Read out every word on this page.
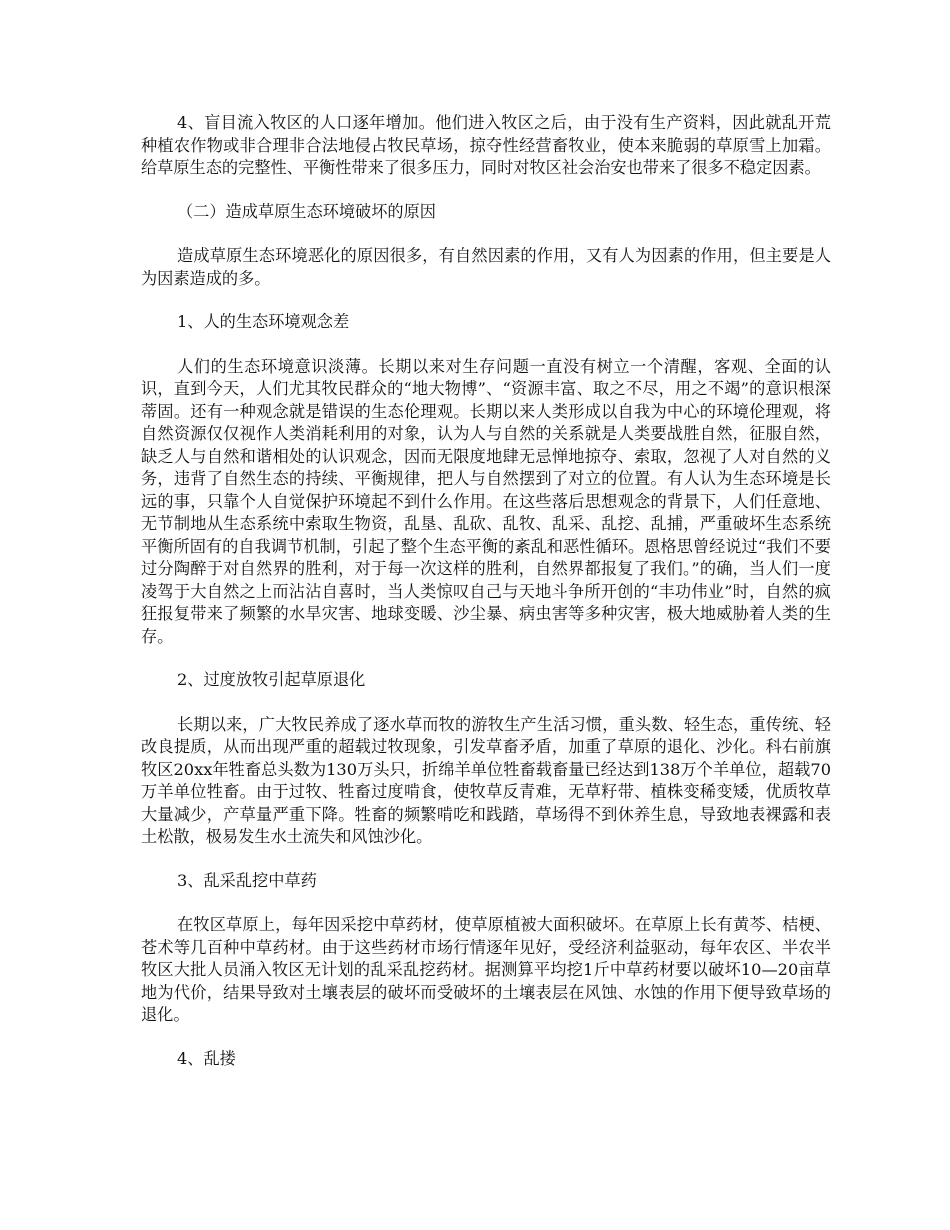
4、盲目流入牧区的人口逐年增加。他们进入牧区之后，由于没有生产资料，因此就乱开荒种植农作物或非合理非合法地侵占牧民草场，掠夺性经营畜牧业，使本来脆弱的草原雪上加霜。给草原生态的完整性、平衡性带来了很多压力，同时对牧区社会治安也带来了很多不稳定因素。

（二）造成草原生态环境破坏的原因

造成草原生态环境恶化的原因很多，有自然因素的作用，又有人为因素的作用，但主要是人为因素造成的多。

1、人的生态环境观念差

人们的生态环境意识淡薄。长期以来对生存问题一直没有树立一个清醒，客观、全面的认识，直到今天，人们尤其牧民群众的“地大物博”、“资源丰富、取之不尽，用之不竭”的意识根深蒂固。还有一种观念就是错误的生态伦理观。长期以来人类形成以自我为中心的环境伦理观，将自然资源仅仅视作人类消耗利用的对象，认为人与自然的关系就是人类要战胜自然，征服自然，缺乏人与自然和谐相处的认识观念，因而无限度地肆无忌惮地掠夺、索取，忽视了人对自然的义务，违背了自然生态的持续、平衡规律，把人与自然摆到了对立的位置。有人认为生态环境是长远的事，只靠个人自觉保护环境起不到什么作用。在这些落后思想观念的背景下，人们任意地、无节制地从生态系统中索取生物资，乱垦、乱砍、乱牧、乱采、乱挖、乱捕，严重破坏生态系统平衡所固有的自我调节机制，引起了整个生态平衡的紊乱和恶性循环。恩格思曾经说过“我们不要过分陶醉于对自然界的胜利，对于每一次这样的胜利，自然界都报复了我们。”的确，当人们一度凌驾于大自然之上而沾沾自喜时，当人类惊叹自己与天地斗争所开创的“丰功伟业”时，自然的疯狂报复带来了频繁的水旱灾害、地球变暖、沙尘暴、病虫害等多种灾害，极大地威胁着人类的生存。

2、过度放牧引起草原退化

长期以来，广大牧民养成了逐水草而牧的游牧生产生活习惯，重头数、轻生态，重传统、轻改良提质，从而出现严重的超载过牧现象，引发草畜矛盾，加重了草原的退化、沙化。科右前旗牧区20xx年牲畜总头数为130万头只，折绵羊单位牲畜载畜量已经达到138万个羊单位，超载70万羊单位牲畜。由于过牧、牲畜过度啃食，使牧草反青难，无草籽带、植株变稀变矮，优质牧草大量减少，产草量严重下降。牲畜的频繁啃吃和践踏，草场得不到休养生息，导致地表裸露和表土松散，极易发生水土流失和风蚀沙化。

3、乱采乱挖中草药

在牧区草原上，每年因采挖中草药材，使草原植被大面积破坏。在草原上长有黄芩、桔梗、苍术等几百种中草药材。由于这些药材市场行情逐年见好，受经济利益驱动，每年农区、半农半牧区大批人员涌入牧区无计划的乱采乱挖药材。据测算平均挖1斤中草药材要以破坏10—20亩草地为代价，结果导致对土壤表层的破坏而受破坏的土壤表层在风蚀、水蚀的作用下便导致草场的退化。

4、乱搂
